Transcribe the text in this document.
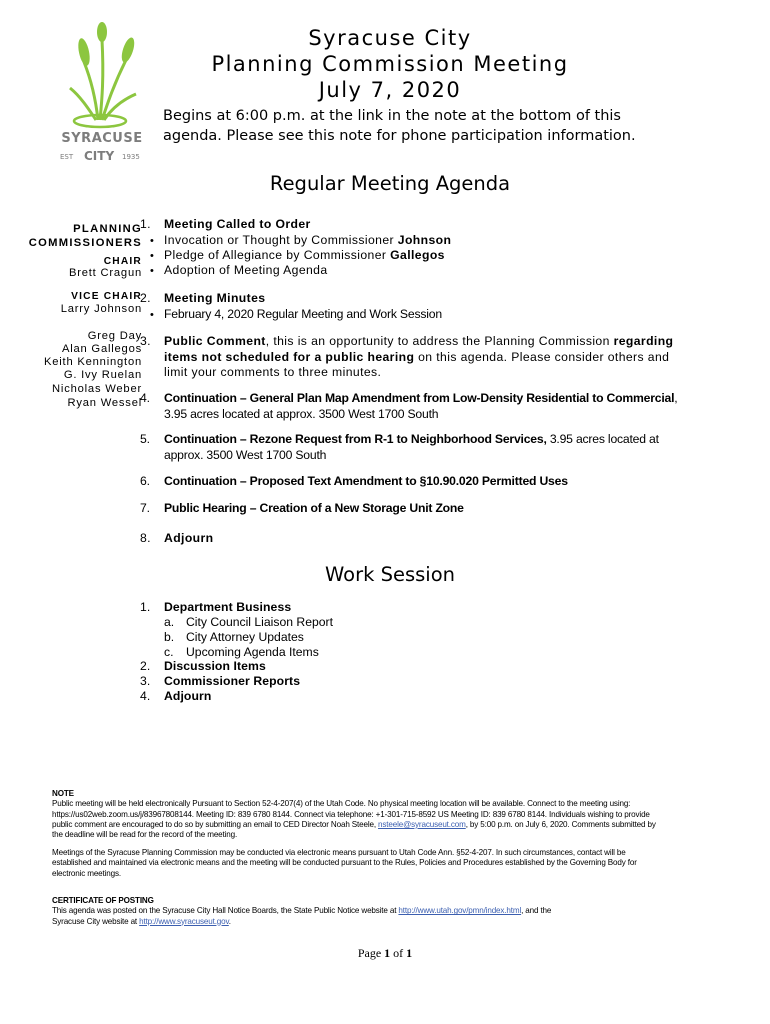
SYRACUSE
EST CITY 1935
Syracuse City
Planning Commission Meeting
July 7, 2020
Begins at 6:00 p.m. at the link in the note at the bottom of this
agenda. Please see this note for phone participation information.
Regular Meeting Agenda
PLANNING
COMMISSIONERS
CHAIR
Brett Cragun
VICE CHAIR
Larry Johnson
Greg Day
Alan Gallegos
Keith Kennington
G. Ivy Ruelan
Nicholas Weber
Ryan Wessel
1. Meeting Called to Order
• Invocation or Thought by Commissioner Johnson
• Pledge of Allegiance by Commissioner Gallegos
• Adoption of Meeting Agenda
2. Meeting Minutes
• February 4, 2020 Regular Meeting and Work Session
3. Public Comment, this is an opportunity to address the Planning Commission regarding
items not scheduled for a public hearing on this agenda. Please consider others and
limit your comments to three minutes.
4. Continuation – General Plan Map Amendment from Low-Density Residential to Commercial,
3.95 acres located at approx. 3500 West 1700 South
5. Continuation – Rezone Request from R-1 to Neighborhood Services, 3.95 acres located at
approx. 3500 West 1700 South
6. Continuation – Proposed Text Amendment to §10.90.020 Permitted Uses
7. Public Hearing – Creation of a New Storage Unit Zone
8. Adjourn
Work Session
1. Department Business
a. City Council Liaison Report
b. City Attorney Updates
c. Upcoming Agenda Items
2. Discussion Items
3. Commissioner Reports
4. Adjourn
NOTE
Public meeting will be held electronically Pursuant to Section 52-4-207(4) of the Utah Code. No physical meeting location will be available. Connect to the meeting using:
https://us02web.zoom.us/j/83967808144. Meeting ID: 839 6780 8144. Connect via telephone: +1-301-715-8592 US Meeting ID: 839 6780 8144. Individuals wishing to provide
public comment are encouraged to do so by submitting an email to CED Director Noah Steele, nsteele@syracuseut.com, by 5:00 p.m. on July 6, 2020. Comments submitted by
the deadline will be read for the record of the meeting.
Meetings of the Syracuse Planning Commission may be conducted via electronic means pursuant to Utah Code Ann. §52-4-207. In such circumstances, contact will be
established and maintained via electronic means and the meeting will be conducted pursuant to the Rules, Policies and Procedures established by the Governing Body for
electronic meetings.
CERTIFICATE OF POSTING
This agenda was posted on the Syracuse City Hall Notice Boards, the State Public Notice website at http://www.utah.gov/pmn/index.html, and the
Syracuse City website at http://www.syracuseut.gov.
Page 1 of 1
